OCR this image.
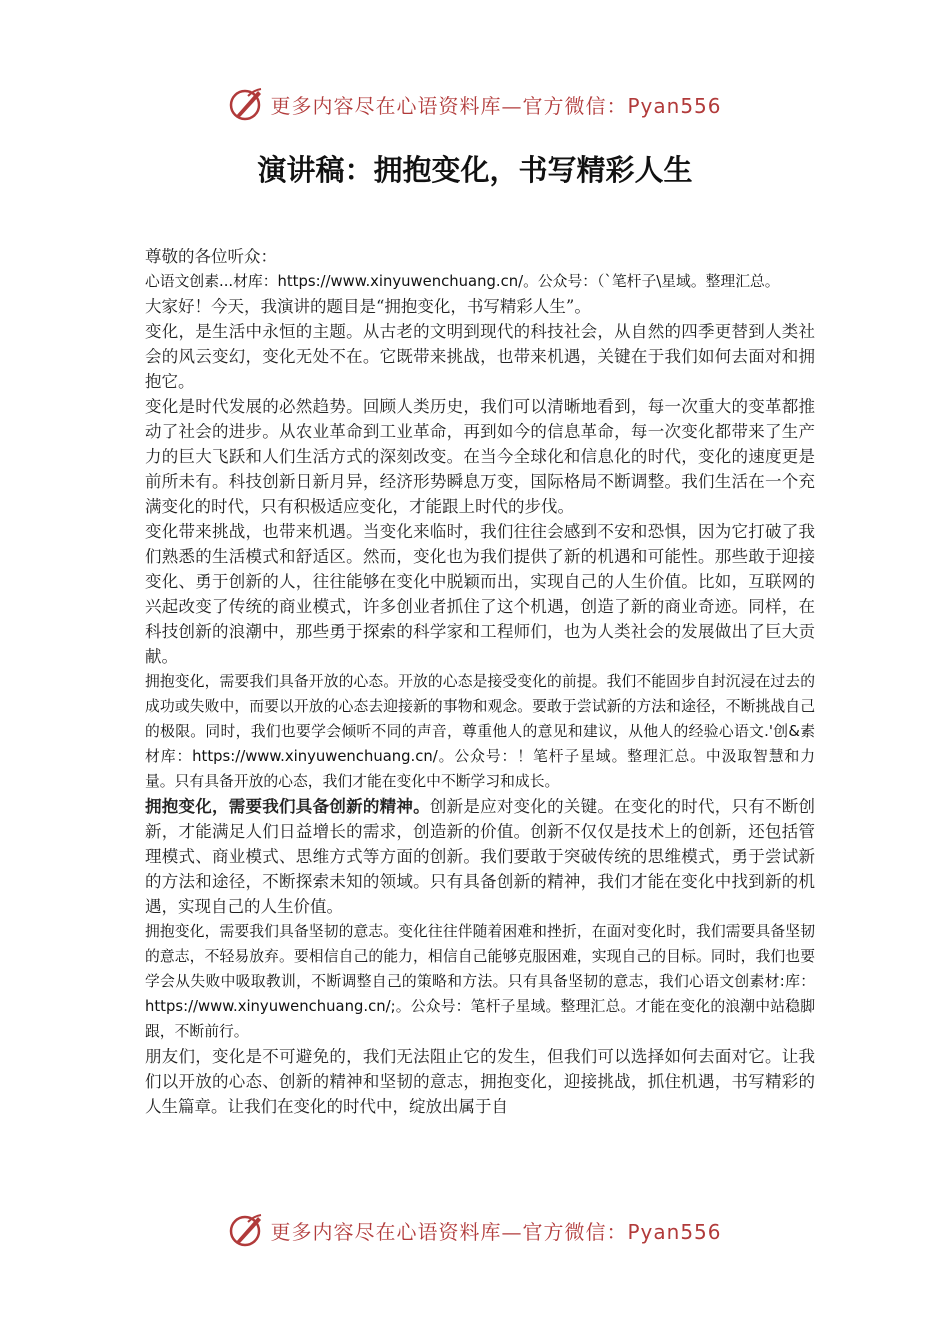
更多内容尽在心语资料库—官方微信：Pyan556
演讲稿：拥抱变化，书写精彩人生

尊敬的各位听众：

心语文创素...材库：https://www.xinyuwenchuang.cn/。公众号：（`笔杆子\星域。整理汇总。

大家好！今天，我演讲的题目是“拥抱变化，书写精彩人生”。

变化，是生活中永恒的主题。从古老的文明到现代的科技社会，从自然的四季更替到人类社会的风云变幻，变化无处不在。它既带来挑战，也带来机遇，关键在于我们如何去面对和拥抱它。

变化是时代发展的必然趋势。回顾人类历史，我们可以清晰地看到，每一次重大的变革都推动了社会的进步。从农业革命到工业革命，再到如今的信息革命，每一次变化都带来了生产力的巨大飞跃和人们生活方式的深刻改变。在当今全球化和信息化的时代，变化的速度更是前所未有。科技创新日新月异，经济形势瞬息万变，国际格局不断调整。我们生活在一个充满变化的时代，只有积极适应变化，才能跟上时代的步伐。

变化带来挑战，也带来机遇。当变化来临时，我们往往会感到不安和恐惧，因为它打破了我们熟悉的生活模式和舒适区。然而，变化也为我们提供了新的机遇和可能性。那些敢于迎接变化、勇于创新的人，往往能够在变化中脱颖而出，实现自己的人生价值。比如，互联网的兴起改变了传统的商业模式，许多创业者抓住了这个机遇，创造了新的商业奇迹。同样，在科技创新的浪潮中，那些勇于探索的科学家和工程师们，也为人类社会的发展做出了巨大贡献。

拥抱变化，需要我们具备开放的心态。开放的心态是接受变化的前提。我们不能固步自封沉浸在过去的成功或失败中，而要以开放的心态去迎接新的事物和观念。要敢于尝试新的方法和途径，不断挑战自己的极限。同时，我们也要学会倾听不同的声音，尊重他人的意见和建议，从他人的经验心语文.'创&素材库：https://www.xinyuwenchuang.cn/。公众号：！笔杆子星域。整理汇总。中汲取智慧和力量。只有具备开放的心态，我们才能在变化中不断学习和成长。

拥抱变化，需要我们具备创新的精神。创新是应对变化的关键。在变化的时代，只有不断创新，才能满足人们日益增长的需求，创造新的价值。创新不仅仅是技术上的创新，还包括管理模式、商业模式、思维方式等方面的创新。我们要敢于突破传统的思维模式，勇于尝试新的方法和途径，不断探索未知的领域。只有具备创新的精神，我们才能在变化中找到新的机遇，实现自己的人生价值。

拥抱变化，需要我们具备坚韧的意志。变化往往伴随着困难和挫折，在面对变化时，我们需要具备坚韧的意志，不轻易放弃。要相信自己的能力，相信自己能够克服困难，实现自己的目标。同时，我们也要学会从失败中吸取教训，不断调整自己的策略和方法。只有具备坚韧的意志，我们心语文创素材:库：https://www.xinyuwenchuang.cn/;。公众号：笔杆子星域。整理汇总。才能在变化的浪潮中站稳脚跟，不断前行。

朋友们，变化是不可避免的，我们无法阻止它的发生，但我们可以选择如何去面对它。让我们以开放的心态、创新的精神和坚韧的意志，拥抱变化，迎接挑战，抓住机遇，书写精彩的人生篇章。让我们在变化的时代中，绽放出属于自

更多内容尽在心语资料库—官方微信：Pyan556
